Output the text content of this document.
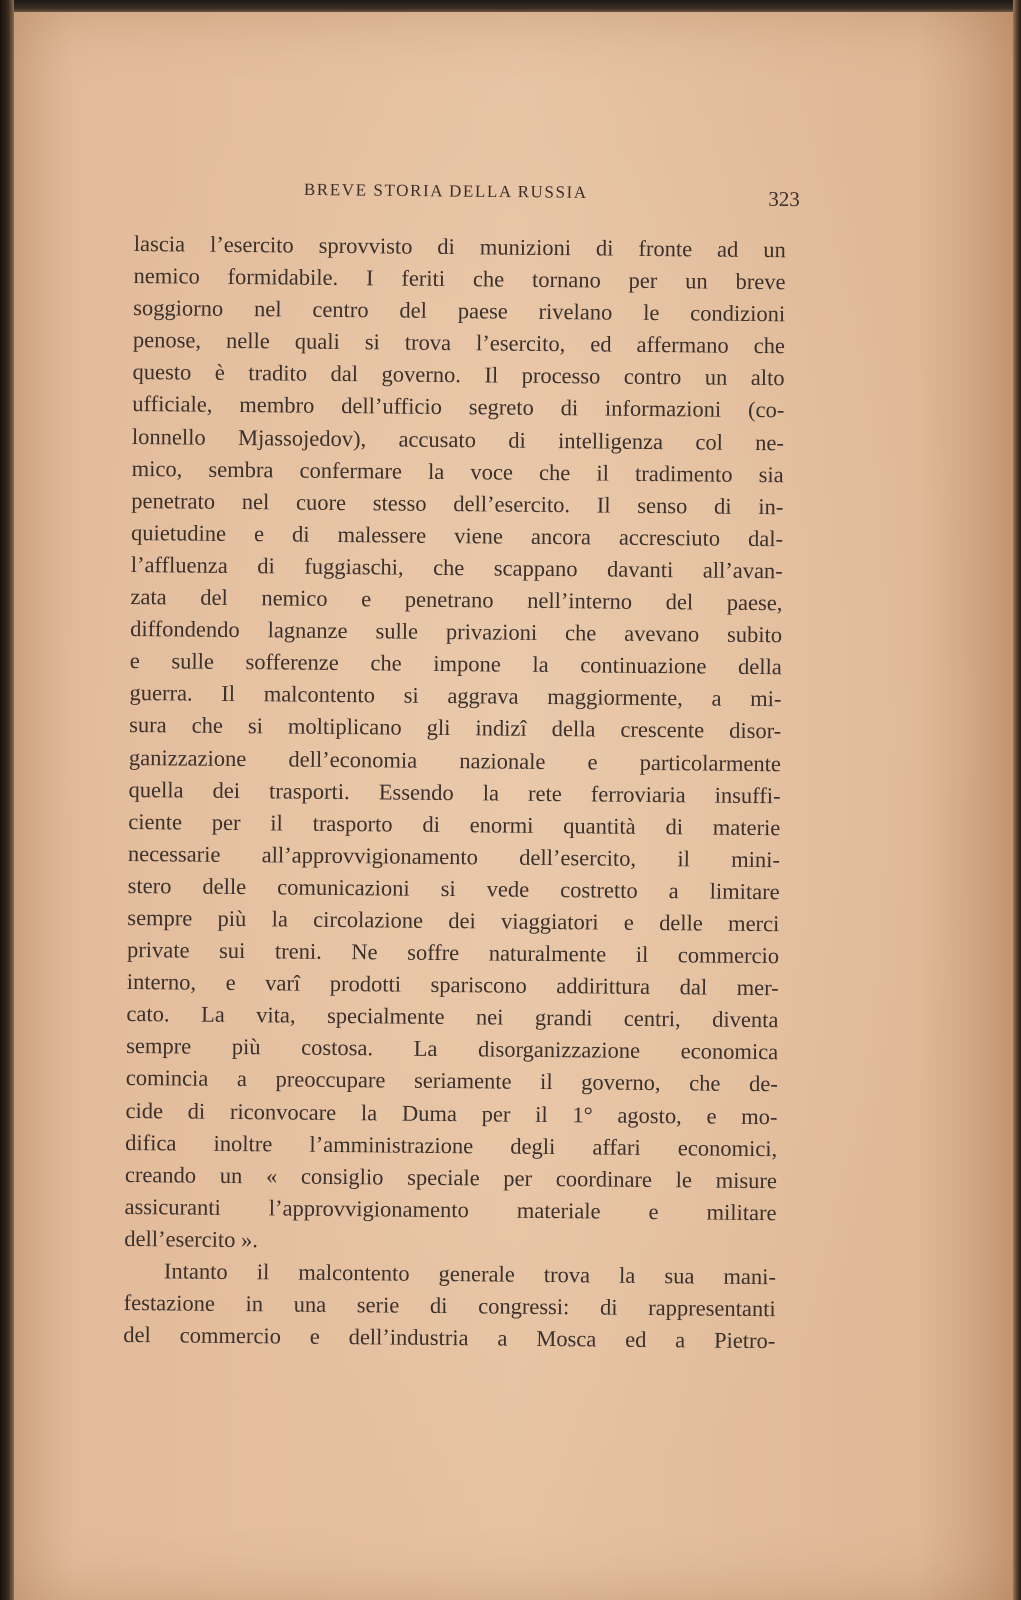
BREVE STORIA DELLA RUSSIA	323
lascia l’esercito sprovvisto di munizioni di fronte ad un
nemico formidabile. I feriti che tornano per un breve
soggiorno nel centro del paese rivelano le condizioni
penose, nelle quali si trova l’esercito, ed affermano che
questo è tradito dal governo. Il processo contro un alto
ufficiale, membro dell’ufficio segreto di informazioni (co-
lonnello Mjassojedov), accusato di intelligenza col ne-
mico, sembra confermare la voce che il tradimento sia
penetrato nel cuore stesso dell’esercito. Il senso di in-
quietudine e di malessere viene ancora accresciuto dal-
l’affluenza di fuggiaschi, che scappano davanti all’avan-
zata del nemico e penetrano nell’interno del paese,
diffondendo lagnanze sulle privazioni che avevano subito
e sulle sofferenze che impone la continuazione della
guerra. Il malcontento si aggrava maggiormente, a mi-
sura che si moltiplicano gli indizî della crescente disor-
ganizzazione dell’economia nazionale e particolarmente
quella dei trasporti. Essendo la rete ferroviaria insuffi-
ciente per il trasporto di enormi quantità di materie
necessarie all’approvvigionamento dell’esercito, il mini-
stero delle comunicazioni si vede costretto a limitare
sempre più la circolazione dei viaggiatori e delle merci
private sui treni. Ne soffre naturalmente il commercio
interno, e varî prodotti spariscono addirittura dal mer-
cato. La vita, specialmente nei grandi centri, diventa
sempre più costosa. La disorganizzazione economica
comincia a preoccupare seriamente il governo, che de-
cide di riconvocare la Duma per il 1° agosto, e mo-
difica inoltre l’amministrazione degli affari economici,
creando un « consiglio speciale per coordinare le misure
assicuranti l’approvvigionamento materiale e militare
dell’esercito ».
Intanto il malcontento generale trova la sua mani-
festazione in una serie di congressi: di rappresentanti
del commercio e dell’industria a Mosca ed a Pietro-
